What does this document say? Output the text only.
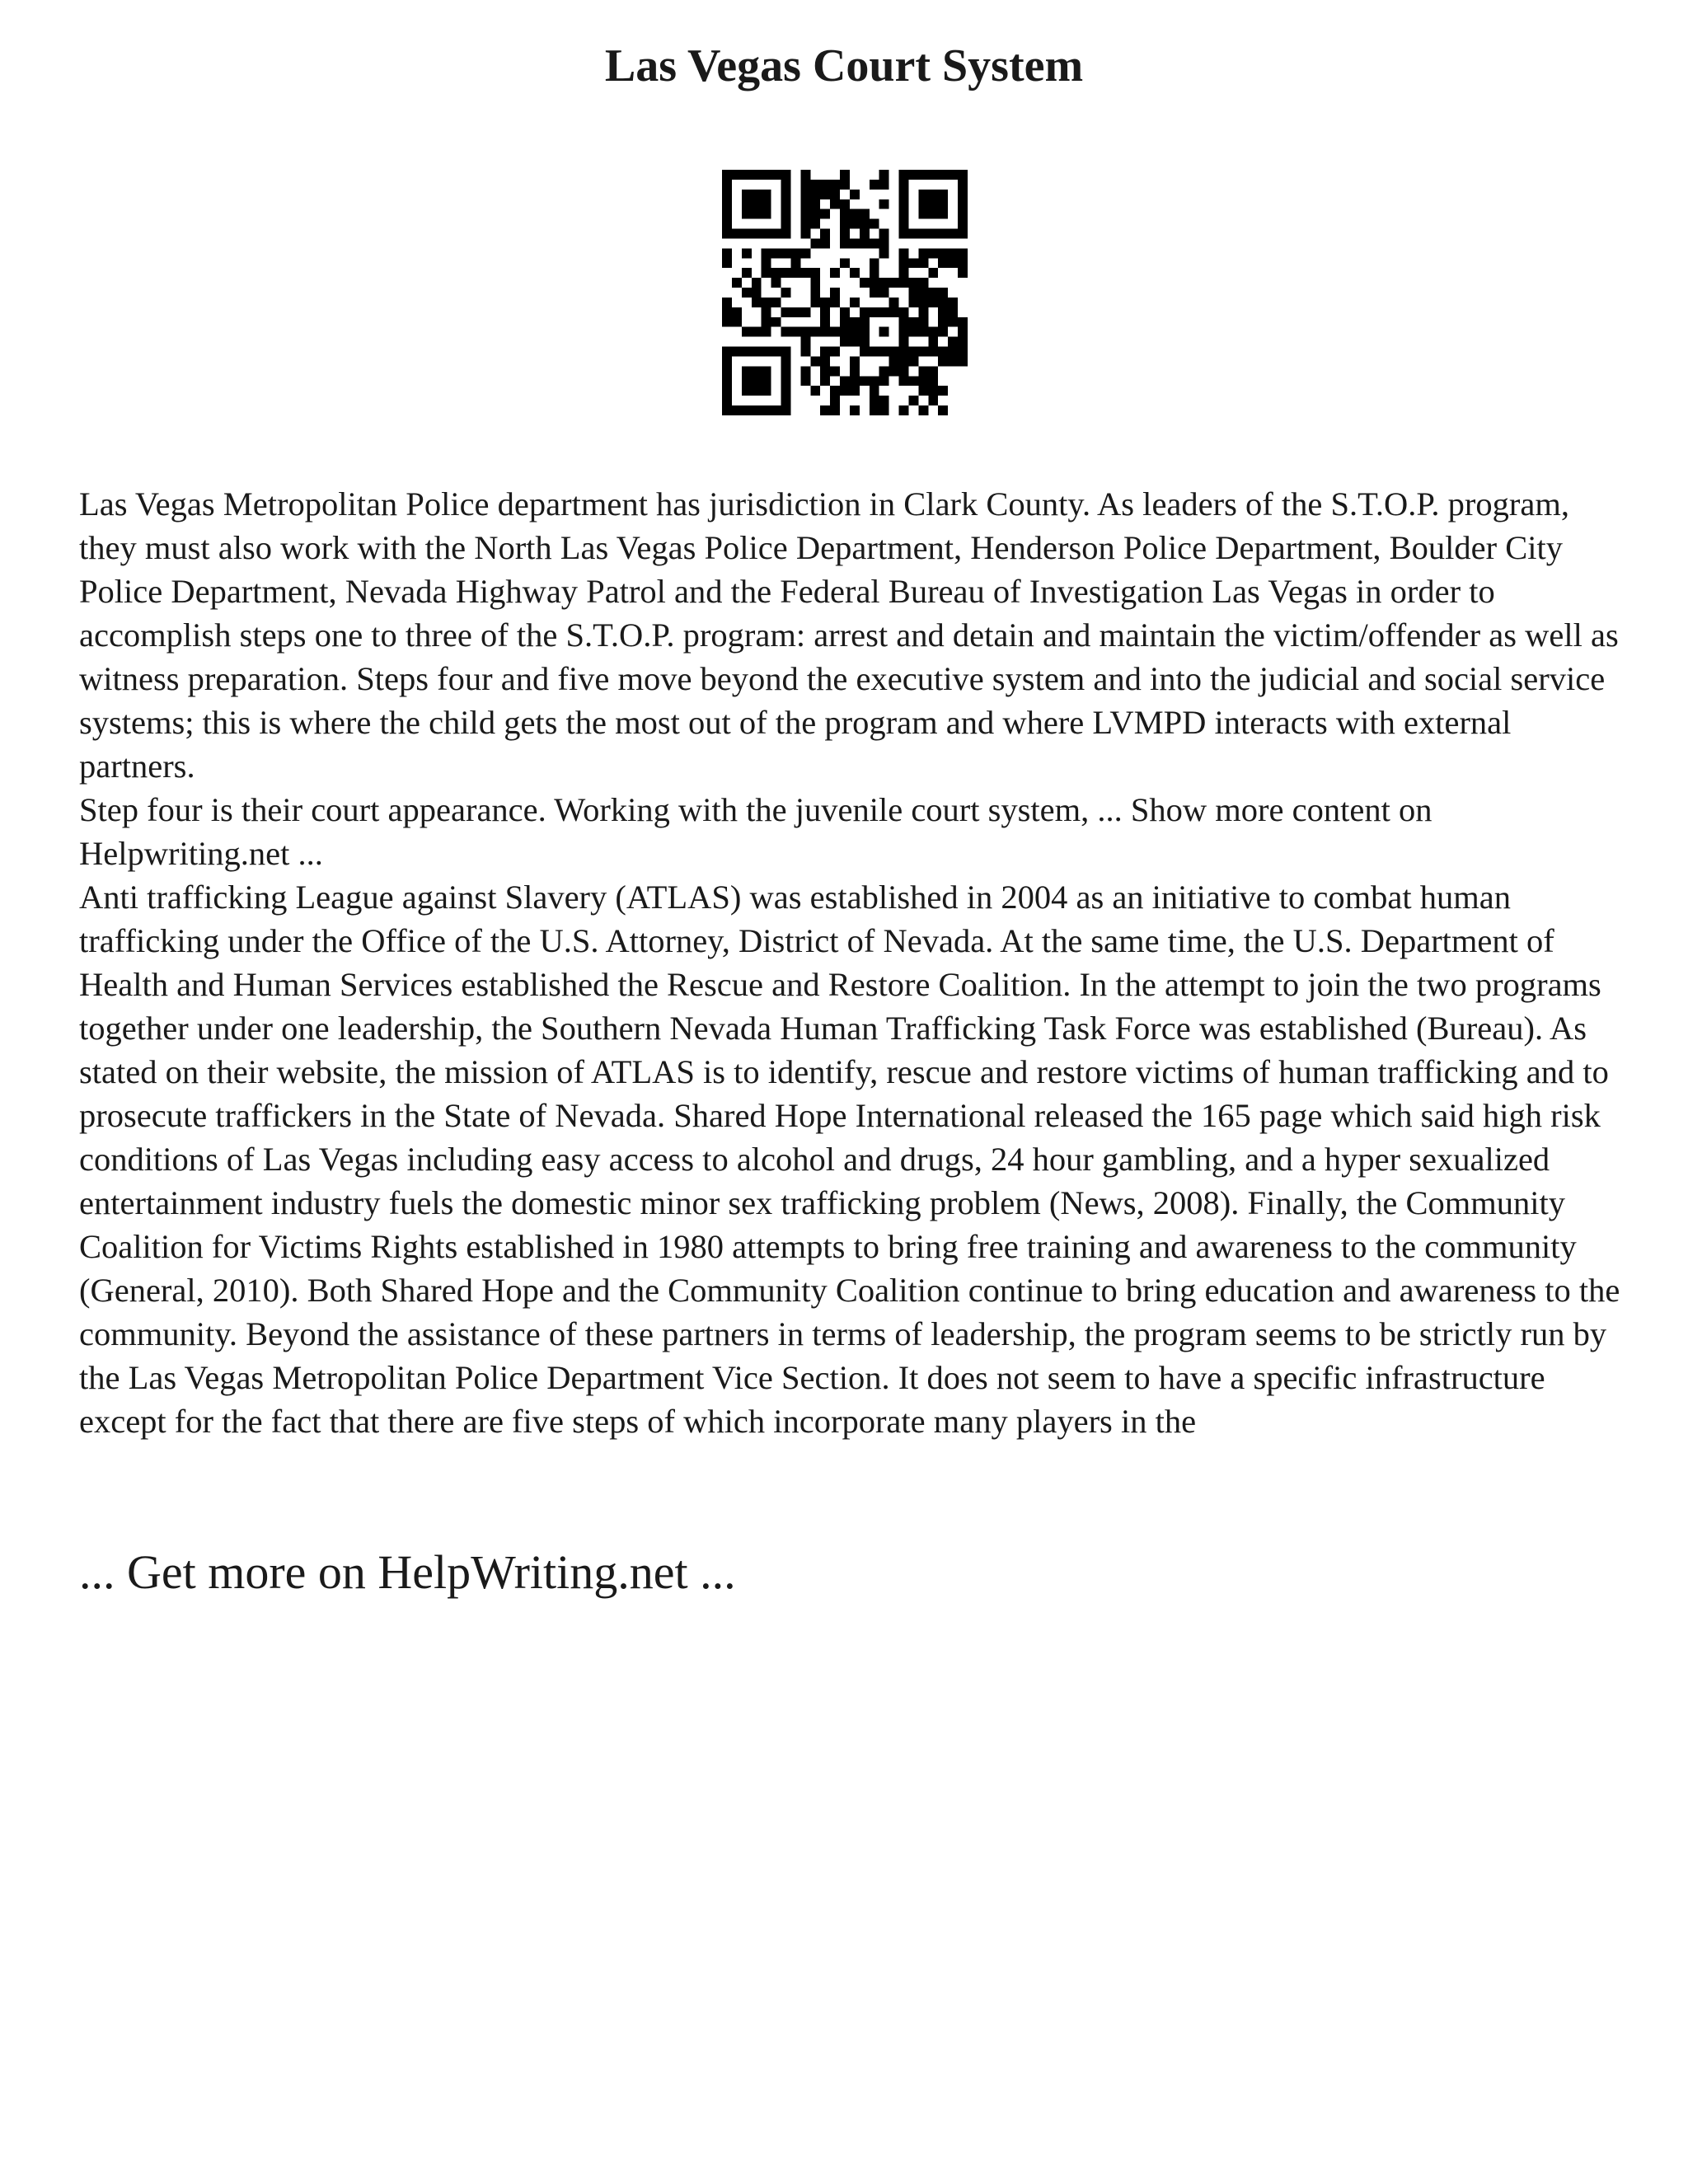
Las Vegas Court System

Las Vegas Metropolitan Police department has jurisdiction in Clark County. As leaders of the S.T.O.P. program, they must also work with the North Las Vegas Police Department, Henderson Police Department, Boulder City Police Department, Nevada Highway Patrol and the Federal Bureau of Investigation Las Vegas in order to accomplish steps one to three of the S.T.O.P. program: arrest and detain and maintain the victim/offender as well as witness preparation. Steps four and five move beyond the executive system and into the judicial and social service systems; this is where the child gets the most out of the program and where LVMPD interacts with external partners.

Step four is their court appearance. Working with the juvenile court system, ... Show more content on Helpwriting.net ...

Anti trafficking League against Slavery (ATLAS) was established in 2004 as an initiative to combat human trafficking under the Office of the U.S. Attorney, District of Nevada. At the same time, the U.S. Department of Health and Human Services established the Rescue and Restore Coalition. In the attempt to join the two programs together under one leadership, the Southern Nevada Human Trafficking Task Force was established (Bureau). As stated on their website, the mission of ATLAS is to identify, rescue and restore victims of human trafficking and to prosecute traffickers in the State of Nevada. Shared Hope International released the 165 page which said high risk conditions of Las Vegas including easy access to alcohol and drugs, 24 hour gambling, and a hyper sexualized entertainment industry fuels the domestic minor sex trafficking problem (News, 2008). Finally, the Community Coalition for Victims Rights established in 1980 attempts to bring free training and awareness to the community (General, 2010). Both Shared Hope and the Community Coalition continue to bring education and awareness to the community. Beyond the assistance of these partners in terms of leadership, the program seems to be strictly run by the Las Vegas Metropolitan Police Department Vice Section. It does not seem to have a specific infrastructure except for the fact that there are five steps of which incorporate many players in the

... Get more on HelpWriting.net ...
